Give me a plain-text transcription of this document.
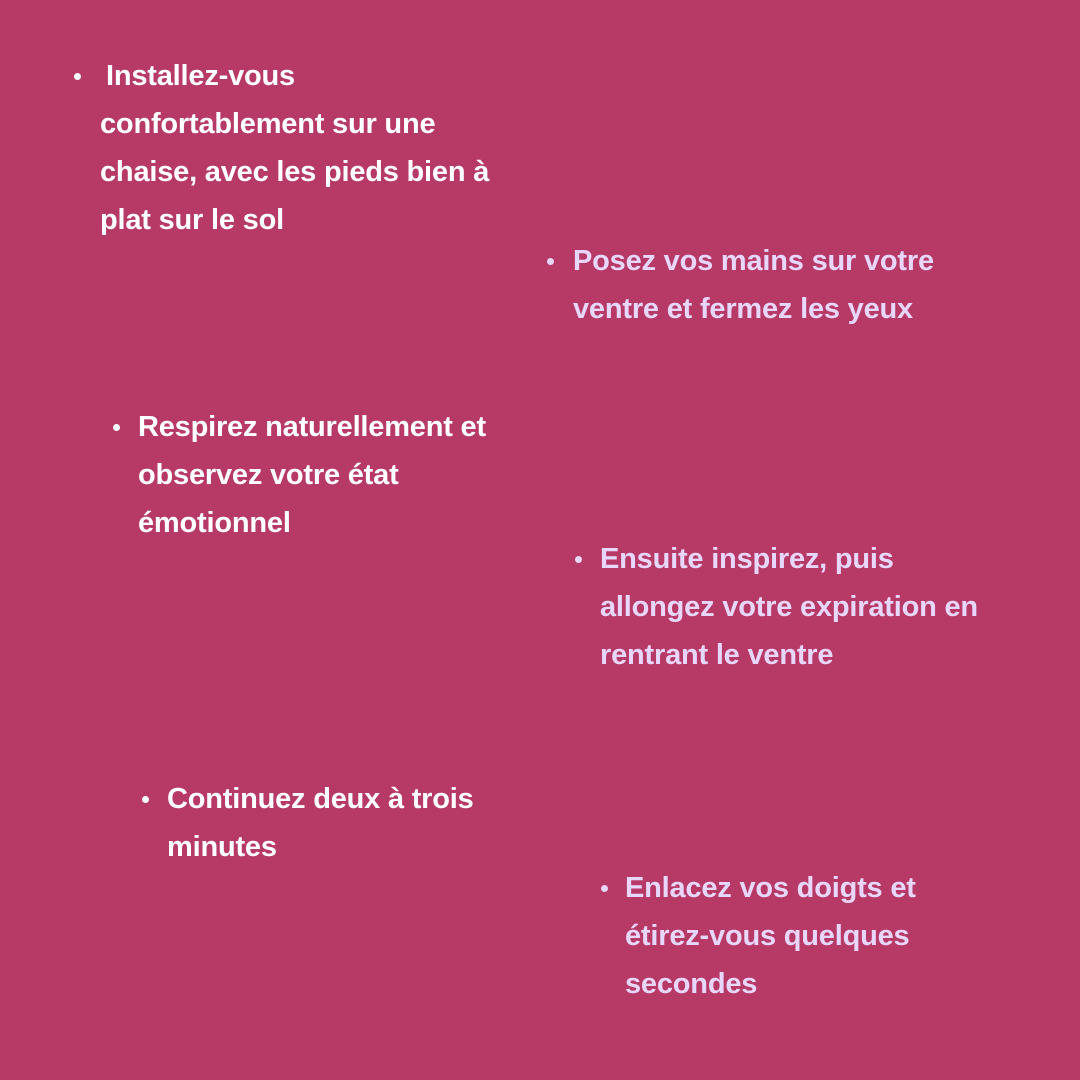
Installez-vous confortablement sur une chaise, avec les pieds bien à plat sur le sol
Posez vos mains sur votre ventre et fermez les yeux
Respirez naturellement et observez votre état émotionnel
Ensuite inspirez, puis allongez votre expiration en rentrant le ventre
Continuez deux à trois minutes
Enlacez vos doigts et étirez-vous quelques secondes
